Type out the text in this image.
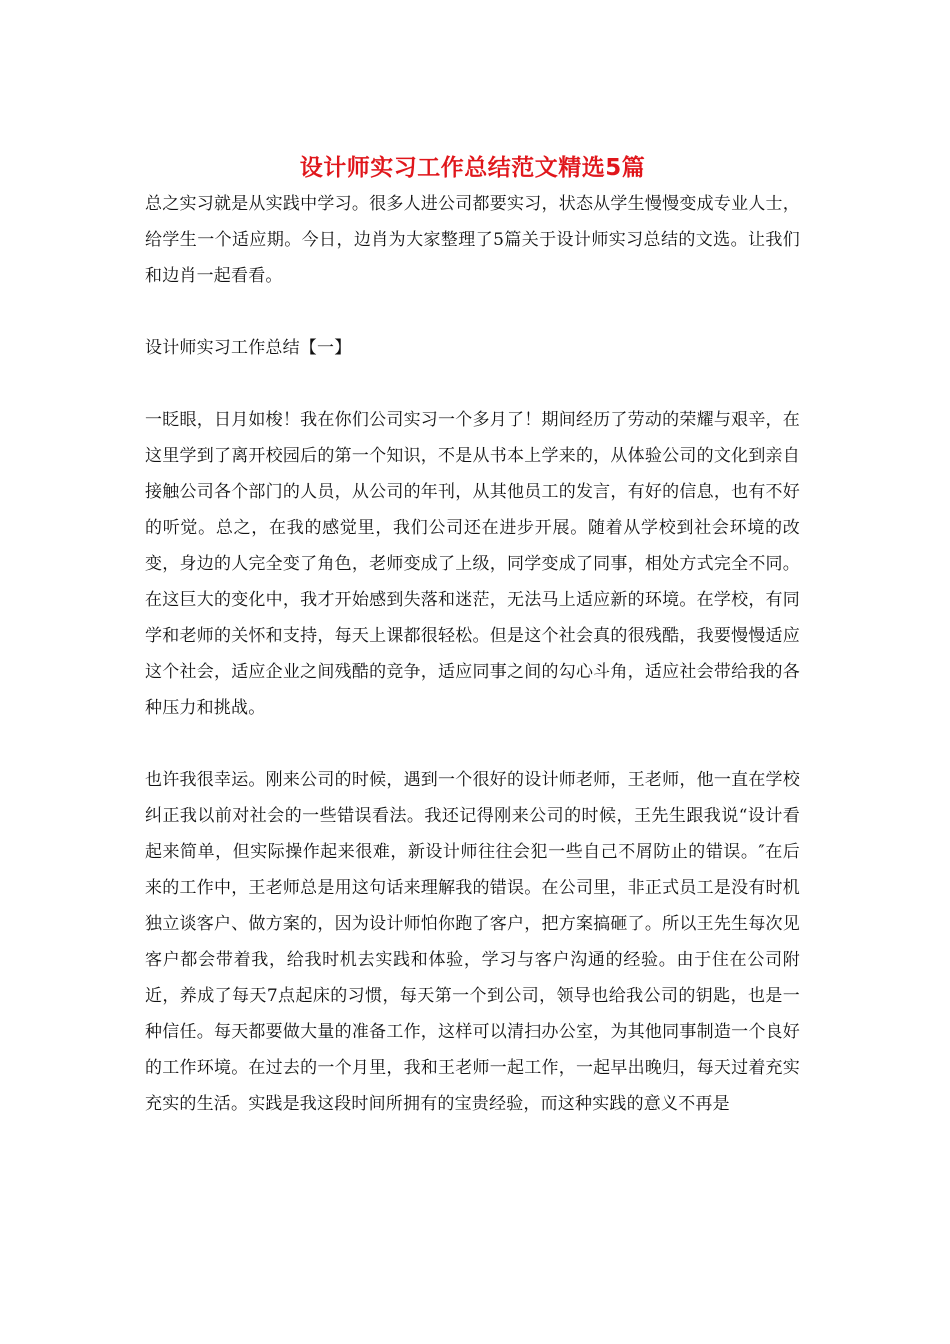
设计师实习工作总结范文精选5篇

总之实习就是从实践中学习。很多人进公司都要实习，状态从学生慢慢变成专业人士，给学生一个适应期。今日，边肖为大家整理了5篇关于设计师实习总结的文选。让我们和边肖一起看看。

设计师实习工作总结【一】

一眨眼，日月如梭！我在你们公司实习一个多月了！期间经历了劳动的荣耀与艰辛，在这里学到了离开校园后的第一个知识，不是从书本上学来的，从体验公司的文化到亲自接触公司各个部门的人员，从公司的年刊，从其他员工的发言，有好的信息，也有不好的听觉。总之，在我的感觉里，我们公司还在进步开展。随着从学校到社会环境的改变，身边的人完全变了角色，老师变成了上级，同学变成了同事，相处方式完全不同。在这巨大的变化中，我才开始感到失落和迷茫，无法马上适应新的环境。在学校，有同学和老师的关怀和支持，每天上课都很轻松。但是这个社会真的很残酷，我要慢慢适应这个社会，适应企业之间残酷的竞争，适应同事之间的勾心斗角，适应社会带给我的各种压力和挑战。

也许我很幸运。刚来公司的时候，遇到一个很好的设计师老师，王老师，他一直在学校纠正我以前对社会的一些错误看法。我还记得刚来公司的时候，王先生跟我说“设计看起来简单，但实际操作起来很难，新设计师往往会犯一些自己不屑防止的错误。″在后来的工作中，王老师总是用这句话来理解我的错误。在公司里，非正式员工是没有时机独立谈客户、做方案的，因为设计师怕你跑了客户，把方案搞砸了。所以王先生每次见客户都会带着我，给我时机去实践和体验，学习与客户沟通的经验。由于住在公司附近，养成了每天7点起床的习惯，每天第一个到公司，领导也给我公司的钥匙，也是一种信任。每天都要做大量的准备工作，这样可以清扫办公室，为其他同事制造一个良好的工作环境。在过去的一个月里，我和王老师一起工作，一起早出晚归，每天过着充实充实的生活。实践是我这段时间所拥有的宝贵经验，而这种实践的意义不再是
